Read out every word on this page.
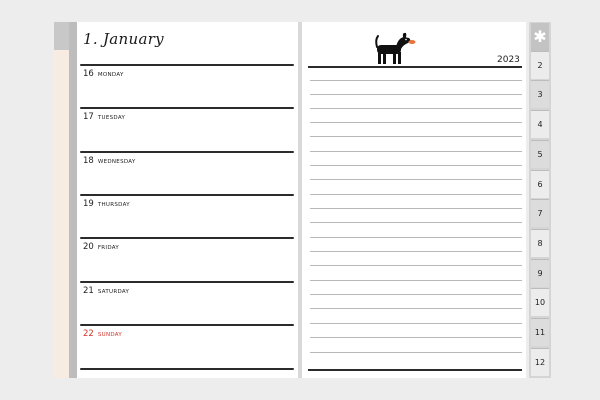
1. January
16 MONDAY
17 TUESDAY
18 WEDNESDAY
19 THURSDAY
20 FRIDAY
21 SATURDAY
22 SUNDAY
2023
✱
2
3
4
5
6
7
8
9
10
11
12
